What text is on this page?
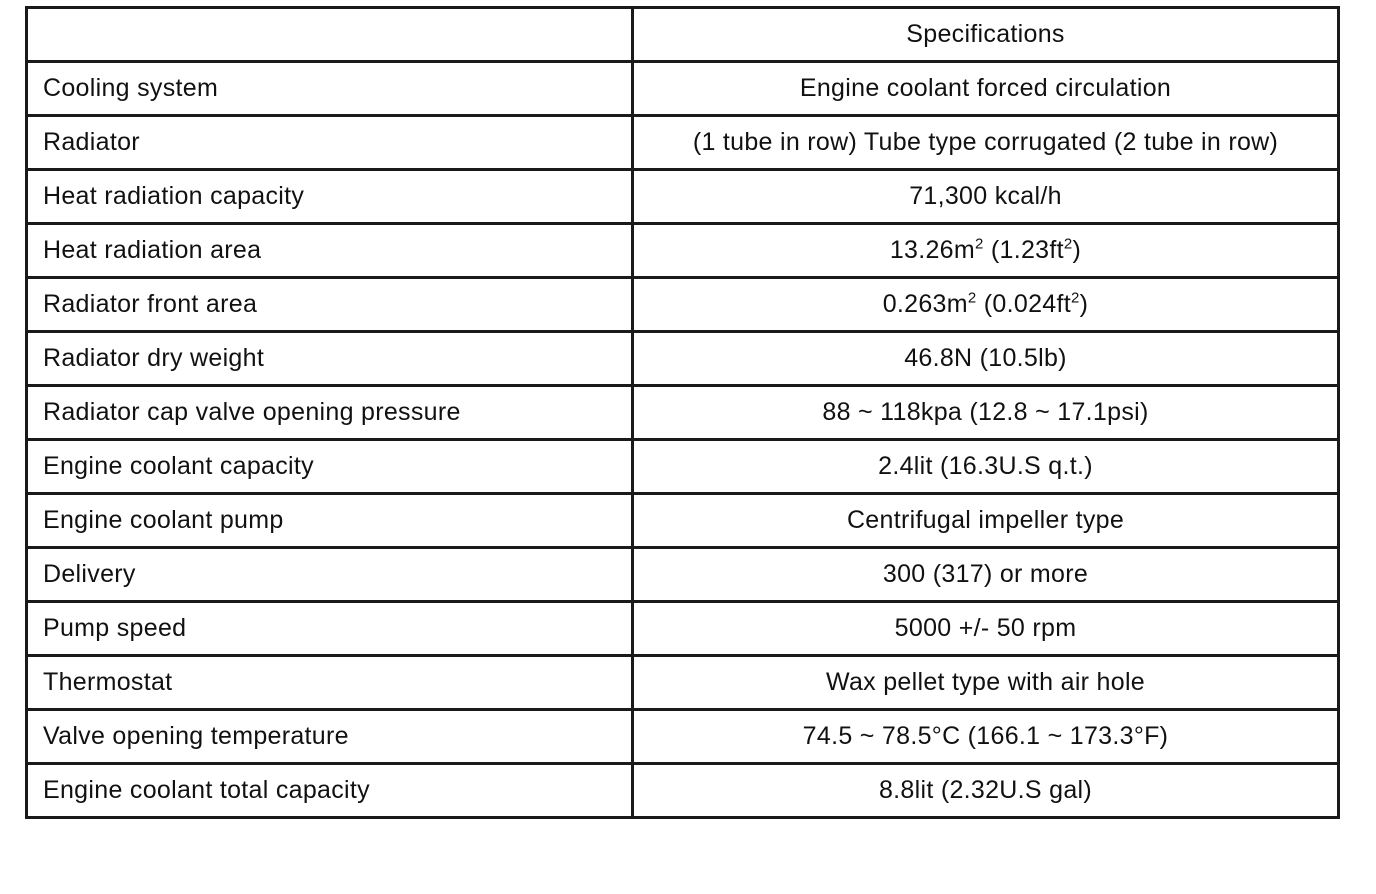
	Specifications
Cooling system	Engine coolant forced circulation
Radiator	(1 tube in row) Tube type corrugated (2 tube in row)
Heat radiation capacity	71,300 kcal/h
Heat radiation area	$13.26m^2$ $(1.23ft^2)$
Radiator front area	$0.263m^2$ $(0.024ft^2)$
Radiator dry weight	46.8N (10.5lb)
Radiator cap valve opening pressure	88 ~ 118kpa (12.8 ~ 17.1psi)
Engine coolant capacity	2.4lit (16.3U.S q.t.)
Engine coolant pump	Centrifugal impeller type
Delivery	300 (317) or more
Pump speed	5000 +/- 50 rpm
Thermostat	Wax pellet type with air hole
Valve opening temperature	74.5 ~ 78.5°C (166.1 ~ 173.3°F)
Engine coolant total capacity	8.8lit (2.32U.S gal)
